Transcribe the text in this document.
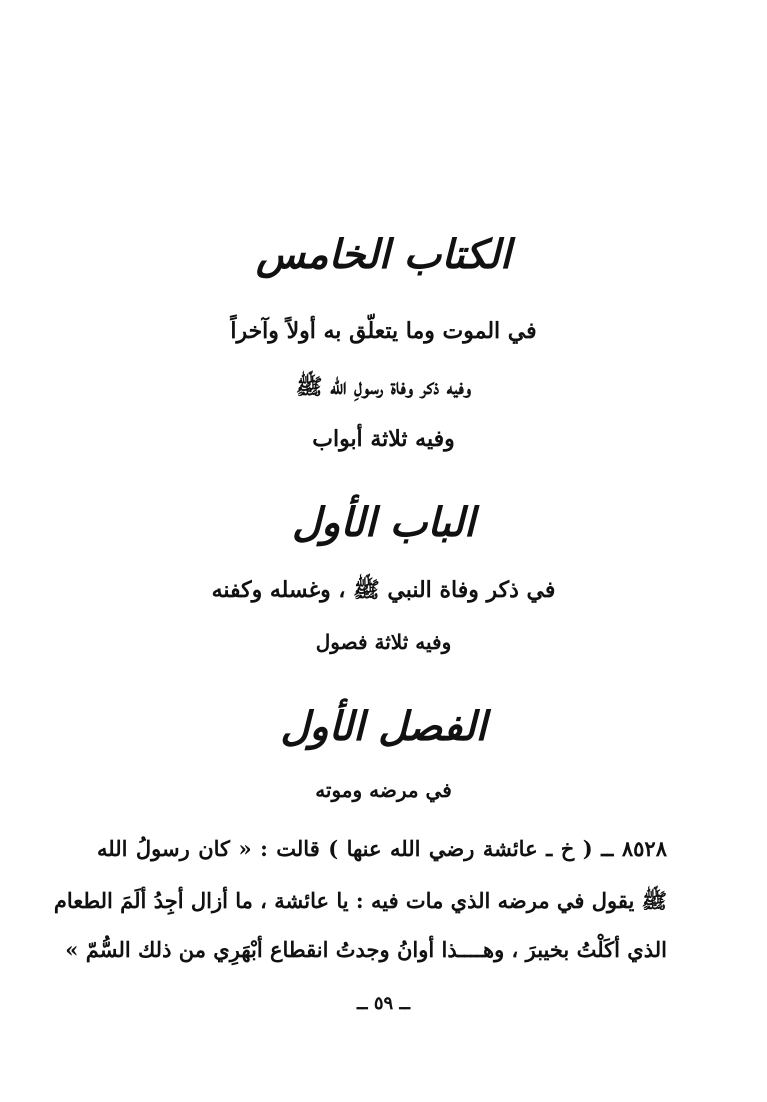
الكتاب الخامس
في الموت وما يتعلّق به أولاً وآخراً
وفيه ذكر وفاة رسولِ الله ﷺ
وفيه ثلاثة أبواب
الباب الأول
في ذكر وفاة النبي ﷺ ، وغسله وكفنه
وفيه ثلاثة فصول
الفصل الأول
في مرضه وموته
٨٥٢٨ ــ ( خ ـ عائشة رضي الله عنها ) قالت : « كان رسولُ الله
ﷺ يقول في مرضه الذي مات فيه : يا عائشة ، ما أزال أجِدُ ألَمَ الطعام
الذي أكَلْتُ بخيبرَ ، وهــــذا أوانُ وجدتُ انقطاع أبْهَرِي من ذلك السُّمّ »
ــ ٥٩ ــ
